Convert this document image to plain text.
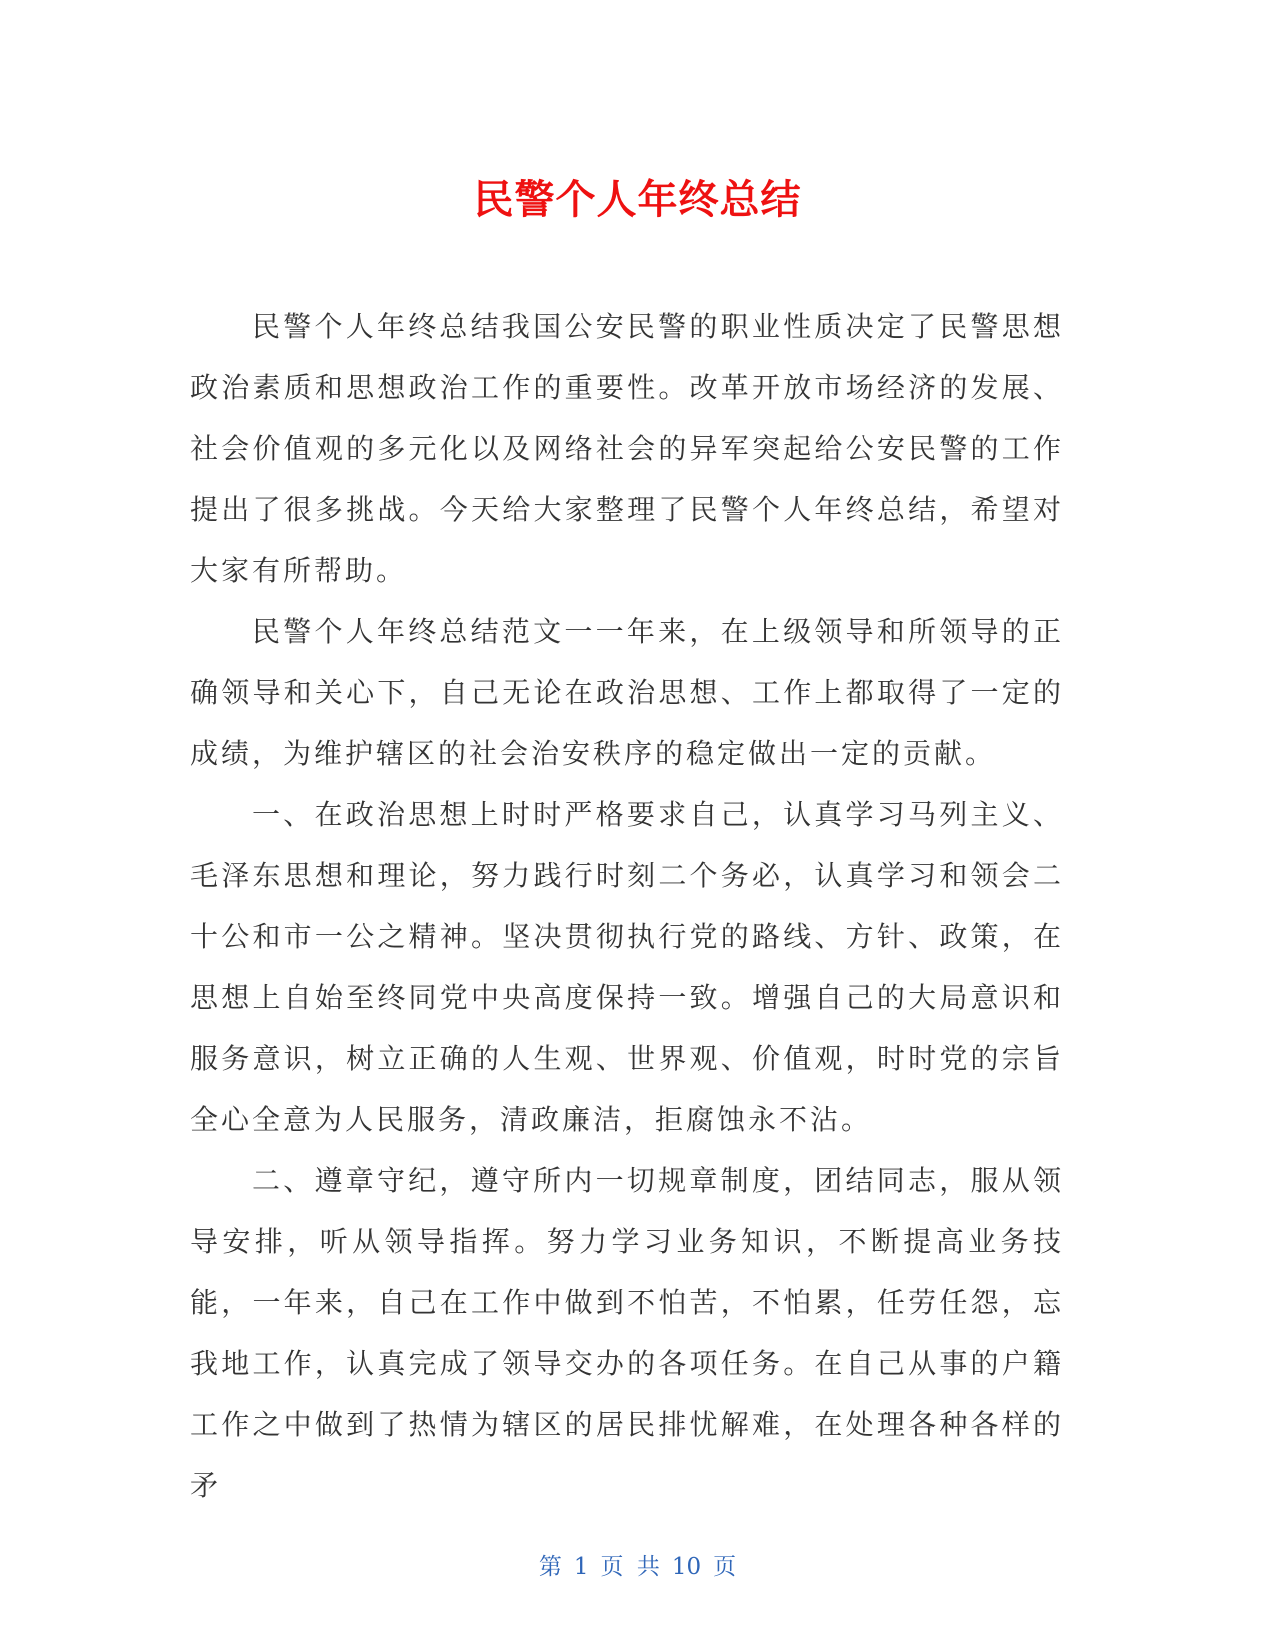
民警个人年终总结

民警个人年终总结我国公安民警的职业性质决定了民警思想政治素质和思想政治工作的重要性。改革开放市场经济的发展、社会价值观的多元化以及网络社会的异军突起给公安民警的工作提出了很多挑战。今天给大家整理了民警个人年终总结，希望对大家有所帮助。

民警个人年终总结范文一一年来，在上级领导和所领导的正确领导和关心下，自己无论在政治思想、工作上都取得了一定的成绩，为维护辖区的社会治安秩序的稳定做出一定的贡献。

一、在政治思想上时时严格要求自己，认真学习马列主义、毛泽东思想和理论，努力践行时刻二个务必，认真学习和领会二十公和市一公之精神。坚决贯彻执行党的路线、方针、政策，在思想上自始至终同党中央高度保持一致。增强自己的大局意识和服务意识，树立正确的人生观、世界观、价值观，时时党的宗旨全心全意为人民服务，清政廉洁，拒腐蚀永不沾。

二、遵章守纪，遵守所内一切规章制度，团结同志，服从领导安排，听从领导指挥。努力学习业务知识，不断提高业务技能，一年来，自己在工作中做到不怕苦，不怕累，任劳任怨，忘我地工作，认真完成了领导交办的各项任务。在自己从事的户籍工作之中做到了热情为辖区的居民排忧解难，在处理各种各样的矛

第 1 页 共 10 页
